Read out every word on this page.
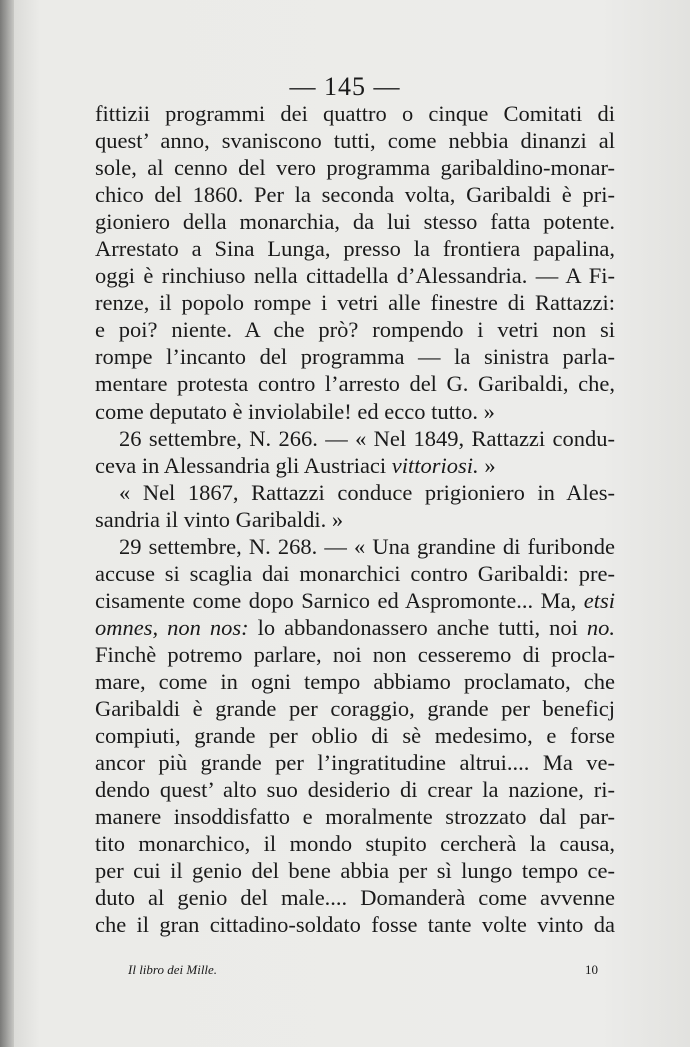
— 145 —
fittizii programmi dei quattro o cinque Comitati di
quest’ anno, svaniscono tutti, come nebbia dinanzi al
sole, al cenno del vero programma garibaldino-monar-
chico del 1860. Per la seconda volta, Garibaldi è pri-
gioniero della monarchia, da lui stesso fatta potente.
Arrestato a Sina Lunga, presso la frontiera papalina,
oggi è rinchiuso nella cittadella d’Alessandria. — A Fi-
renze, il popolo rompe i vetri alle finestre di Rattazzi:
e poi? niente. A che prò? rompendo i vetri non si
rompe l’incanto del programma — la sinistra parla-
mentare protesta contro l’arresto del G. Garibaldi, che,
come deputato è inviolabile! ed ecco tutto. »
26 settembre, N. 266. — « Nel 1849, Rattazzi condu-
ceva in Alessandria gli Austriaci vittoriosi. »
« Nel 1867, Rattazzi conduce prigioniero in Ales-
sandria il vinto Garibaldi. »
29 settembre, N. 268. — « Una grandine di furibonde
accuse si scaglia dai monarchici contro Garibaldi: pre-
cisamente come dopo Sarnico ed Aspromonte... Ma, etsi
omnes, non nos: lo abbandonassero anche tutti, noi no.
Finchè potremo parlare, noi non cesseremo di procla-
mare, come in ogni tempo abbiamo proclamato, che
Garibaldi è grande per coraggio, grande per beneficj
compiuti, grande per oblio di sè medesimo, e forse
ancor più grande per l’ingratitudine altrui.... Ma ve-
dendo quest’ alto suo desiderio di crear la nazione, ri-
manere insoddisfatto e moralmente strozzato dal par-
tito monarchico, il mondo stupito cercherà la causa,
per cui il genio del bene abbia per sì lungo tempo ce-
duto al genio del male.... Domanderà come avvenne
che il gran cittadino-soldato fosse tante volte vinto da
Il libro dei Mille.	10
